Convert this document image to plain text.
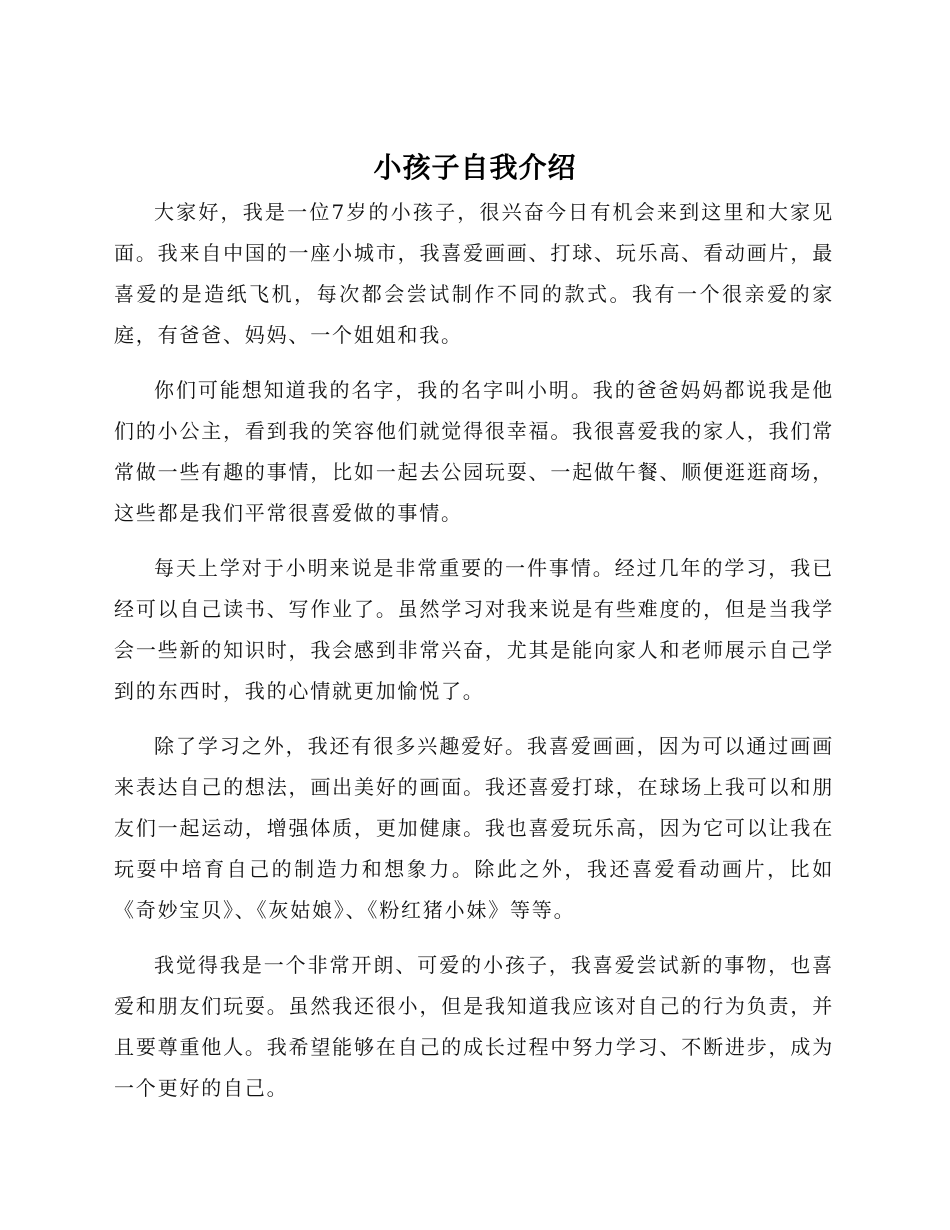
小孩子自我介绍

大家好，我是一位7岁的小孩子，很兴奋今日有机会来到这里和大家见面。我来自中国的一座小城市，我喜爱画画、打球、玩乐高、看动画片，最喜爱的是造纸飞机，每次都会尝试制作不同的款式。我有一个很亲爱的家庭，有爸爸、妈妈、一个姐姐和我。

你们可能想知道我的名字，我的名字叫小明。我的爸爸妈妈都说我是他们的小公主，看到我的笑容他们就觉得很幸福。我很喜爱我的家人，我们常常做一些有趣的事情，比如一起去公园玩耍、一起做午餐、顺便逛逛商场，这些都是我们平常很喜爱做的事情。

每天上学对于小明来说是非常重要的一件事情。经过几年的学习，我已经可以自己读书、写作业了。虽然学习对我来说是有些难度的，但是当我学会一些新的知识时，我会感到非常兴奋，尤其是能向家人和老师展示自己学到的东西时，我的心情就更加愉悦了。

除了学习之外，我还有很多兴趣爱好。我喜爱画画，因为可以通过画画来表达自己的想法，画出美好的画面。我还喜爱打球，在球场上我可以和朋友们一起运动，增强体质，更加健康。我也喜爱玩乐高，因为它可以让我在玩耍中培育自己的制造力和想象力。除此之外，我还喜爱看动画片，比如《奇妙宝贝》、《灰姑娘》、《粉红猪小妹》等等。

我觉得我是一个非常开朗、可爱的小孩子，我喜爱尝试新的事物，也喜爱和朋友们玩耍。虽然我还很小，但是我知道我应该对自己的行为负责，并且要尊重他人。我希望能够在自己的成长过程中努力学习、不断进步，成为一个更好的自己。
